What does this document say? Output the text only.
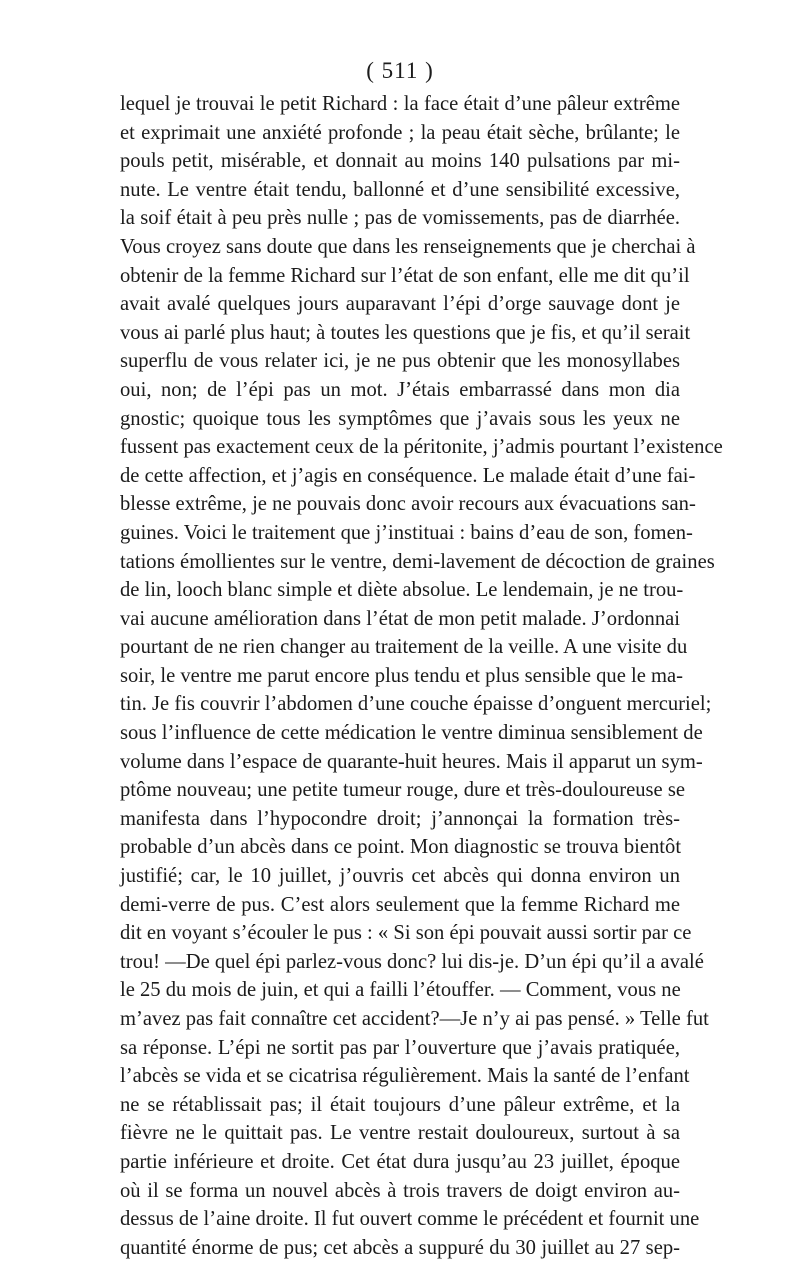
( 511 )
lequel je trouvai le petit Richard : la face était d’une pâleur extrême
et exprimait une anxiété profonde ; la peau était sèche, brûlante; le
pouls petit, misérable, et donnait au moins 140 pulsations par mi-
nute. Le ventre était tendu, ballonné et d’une sensibilité excessive,
la soif était à peu près nulle ; pas de vomissements, pas de diarrhée.
Vous croyez sans doute que dans les renseignements que je cherchai à
obtenir de la femme Richard sur l’état de son enfant, elle me dit qu’il
avait avalé quelques jours auparavant l’épi d’orge sauvage dont je
vous ai parlé plus haut; à toutes les questions que je fis, et qu’il serait
superflu de vous relater ici, je ne pus obtenir que les monosyllabes
oui, non; de l’épi pas un mot. J’étais embarrassé dans mon dia
gnostic; quoique tous les symptômes que j’avais sous les yeux ne
fussent pas exactement ceux de la péritonite, j’admis pourtant l’existence
de cette affection, et j’agis en conséquence. Le malade était d’une fai-
blesse extrême, je ne pouvais donc avoir recours aux évacuations san-
guines. Voici le traitement que j’instituai : bains d’eau de son, fomen-
tations émollientes sur le ventre, demi-lavement de décoction de graines
de lin, looch blanc simple et diète absolue. Le lendemain, je ne trou-
vai aucune amélioration dans l’état de mon petit malade. J’ordonnai
pourtant de ne rien changer au traitement de la veille. A une visite du
soir, le ventre me parut encore plus tendu et plus sensible que le ma-
tin. Je fis couvrir l’abdomen d’une couche épaisse d’onguent mercuriel;
sous l’influence de cette médication le ventre diminua sensiblement de
volume dans l’espace de quarante-huit heures. Mais il apparut un sym-
ptôme nouveau; une petite tumeur rouge, dure et très-douloureuse se
manifesta dans l’hypocondre droit; j’annonçai la formation très-
probable d’un abcès dans ce point. Mon diagnostic se trouva bientôt
justifié; car, le 10 juillet, j’ouvris cet abcès qui donna environ un
demi-verre de pus. C’est alors seulement que la femme Richard me
dit en voyant s’écouler le pus : « Si son épi pouvait aussi sortir par ce
trou! —De quel épi parlez-vous donc? lui dis-je. D’un épi qu’il a avalé
le 25 du mois de juin, et qui a failli l’étouffer. — Comment, vous ne
m’avez pas fait connaître cet accident?—Je n’y ai pas pensé. » Telle fut
sa réponse. L’épi ne sortit pas par l’ouverture que j’avais pratiquée,
l’abcès se vida et se cicatrisa régulièrement. Mais la santé de l’enfant
ne se rétablissait pas; il était toujours d’une pâleur extrême, et la
fièvre ne le quittait pas. Le ventre restait douloureux, surtout à sa
partie inférieure et droite. Cet état dura jusqu’au 23 juillet, époque
où il se forma un nouvel abcès à trois travers de doigt environ au-
dessus de l’aine droite. Il fut ouvert comme le précédent et fournit une
quantité énorme de pus; cet abcès a suppuré du 30 juillet au 27 sep-
